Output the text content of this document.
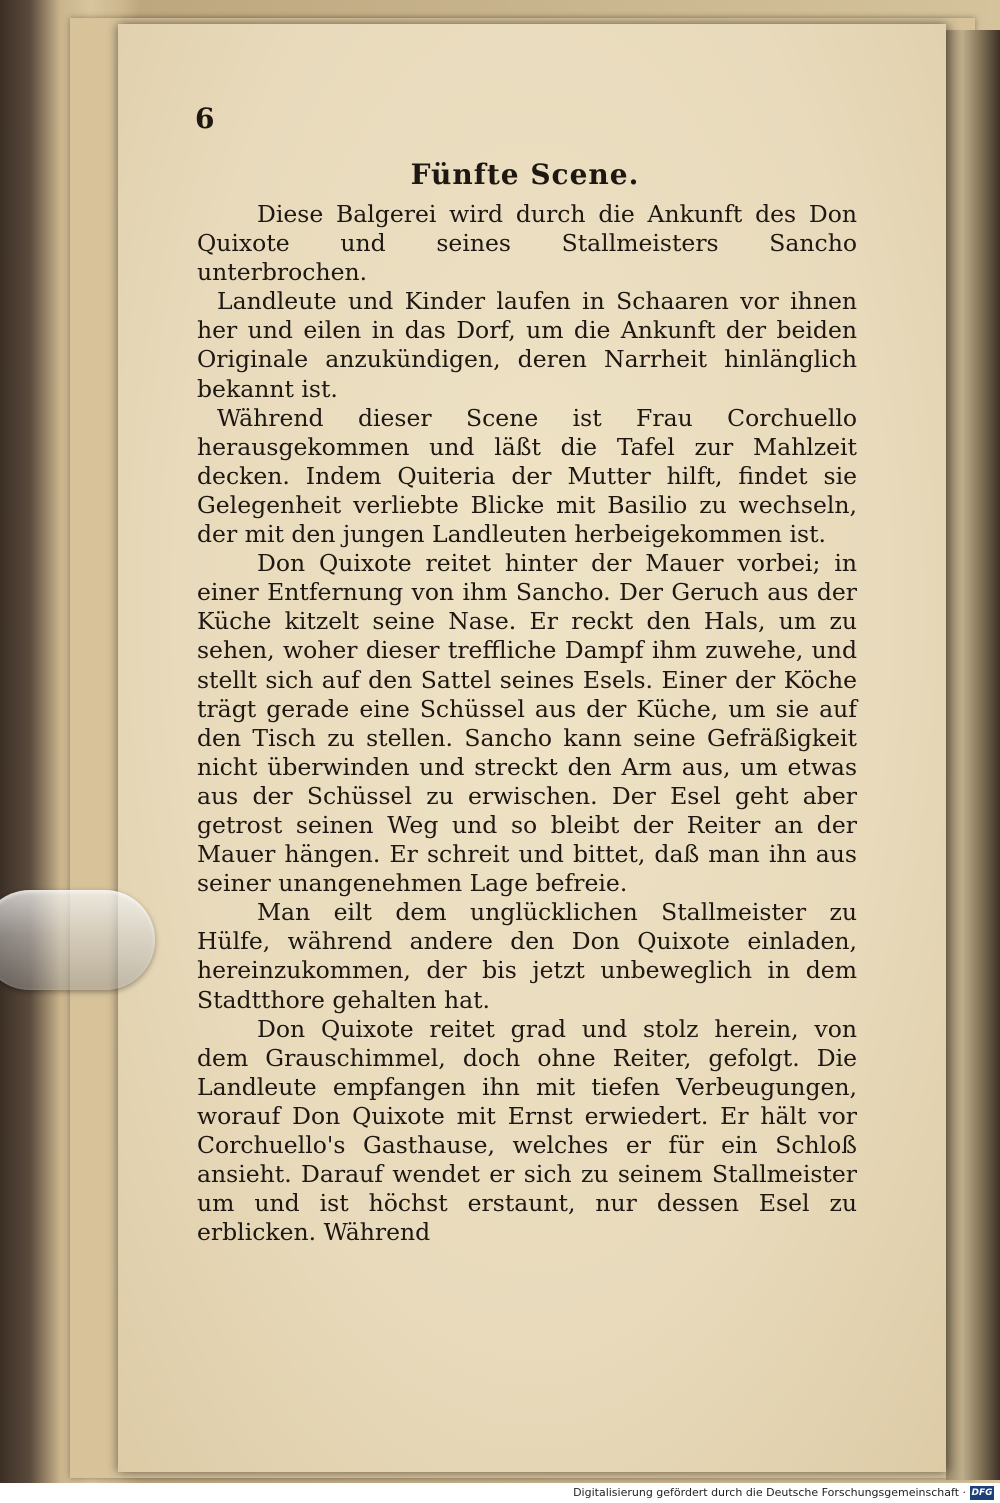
6
Fünfte Scene.

Diese Balgerei wird durch die Ankunft des Don Quixote und seines Stallmeisters Sancho unterbrochen.

Landleute und Kinder laufen in Schaaren vor ihnen her und eilen in das Dorf, um die Ankunft der beiden Originale anzukündigen, deren Narrheit hinlänglich bekannt ist.

Während dieser Scene ist Frau Corchuello herausgekommen und läßt die Tafel zur Mahlzeit decken. Indem Quiteria der Mutter hilft, findet sie Gelegenheit verliebte Blicke mit Basilio zu wechseln, der mit den jungen Landleuten herbeigekommen ist.

Don Quixote reitet hinter der Mauer vorbei; in einer Entfernung von ihm Sancho. Der Geruch aus der Küche kitzelt seine Nase. Er reckt den Hals, um zu sehen, woher dieser treffliche Dampf ihm zuwehe, und stellt sich auf den Sattel seines Esels. Einer der Köche trägt gerade eine Schüssel aus der Küche, um sie auf den Tisch zu stellen. Sancho kann seine Gefräßigkeit nicht überwinden und streckt den Arm aus, um etwas aus der Schüssel zu erwischen. Der Esel geht aber getrost seinen Weg und so bleibt der Reiter an der Mauer hängen. Er schreit und bittet, daß man ihn aus seiner unangenehmen Lage befreie.

Man eilt dem unglücklichen Stallmeister zu Hülfe, während andere den Don Quixote einladen, hereinzukommen, der bis jetzt unbeweglich in dem Stadtthore gehalten hat.

Don Quixote reitet grad und stolz herein, von dem Grauschimmel, doch ohne Reiter, gefolgt. Die Landleute empfangen ihn mit tiefen Verbeugungen, worauf Don Quixote mit Ernst erwiedert. Er hält vor Corchuello's Gasthause, welches er für ein Schloß ansieht. Darauf wendet er sich zu seinem Stallmeister um und ist höchst erstaunt, nur dessen Esel zu erblicken. Während

Digitalisierung gefördert durch die Deutsche Forschungsgemeinschaft · DFG
